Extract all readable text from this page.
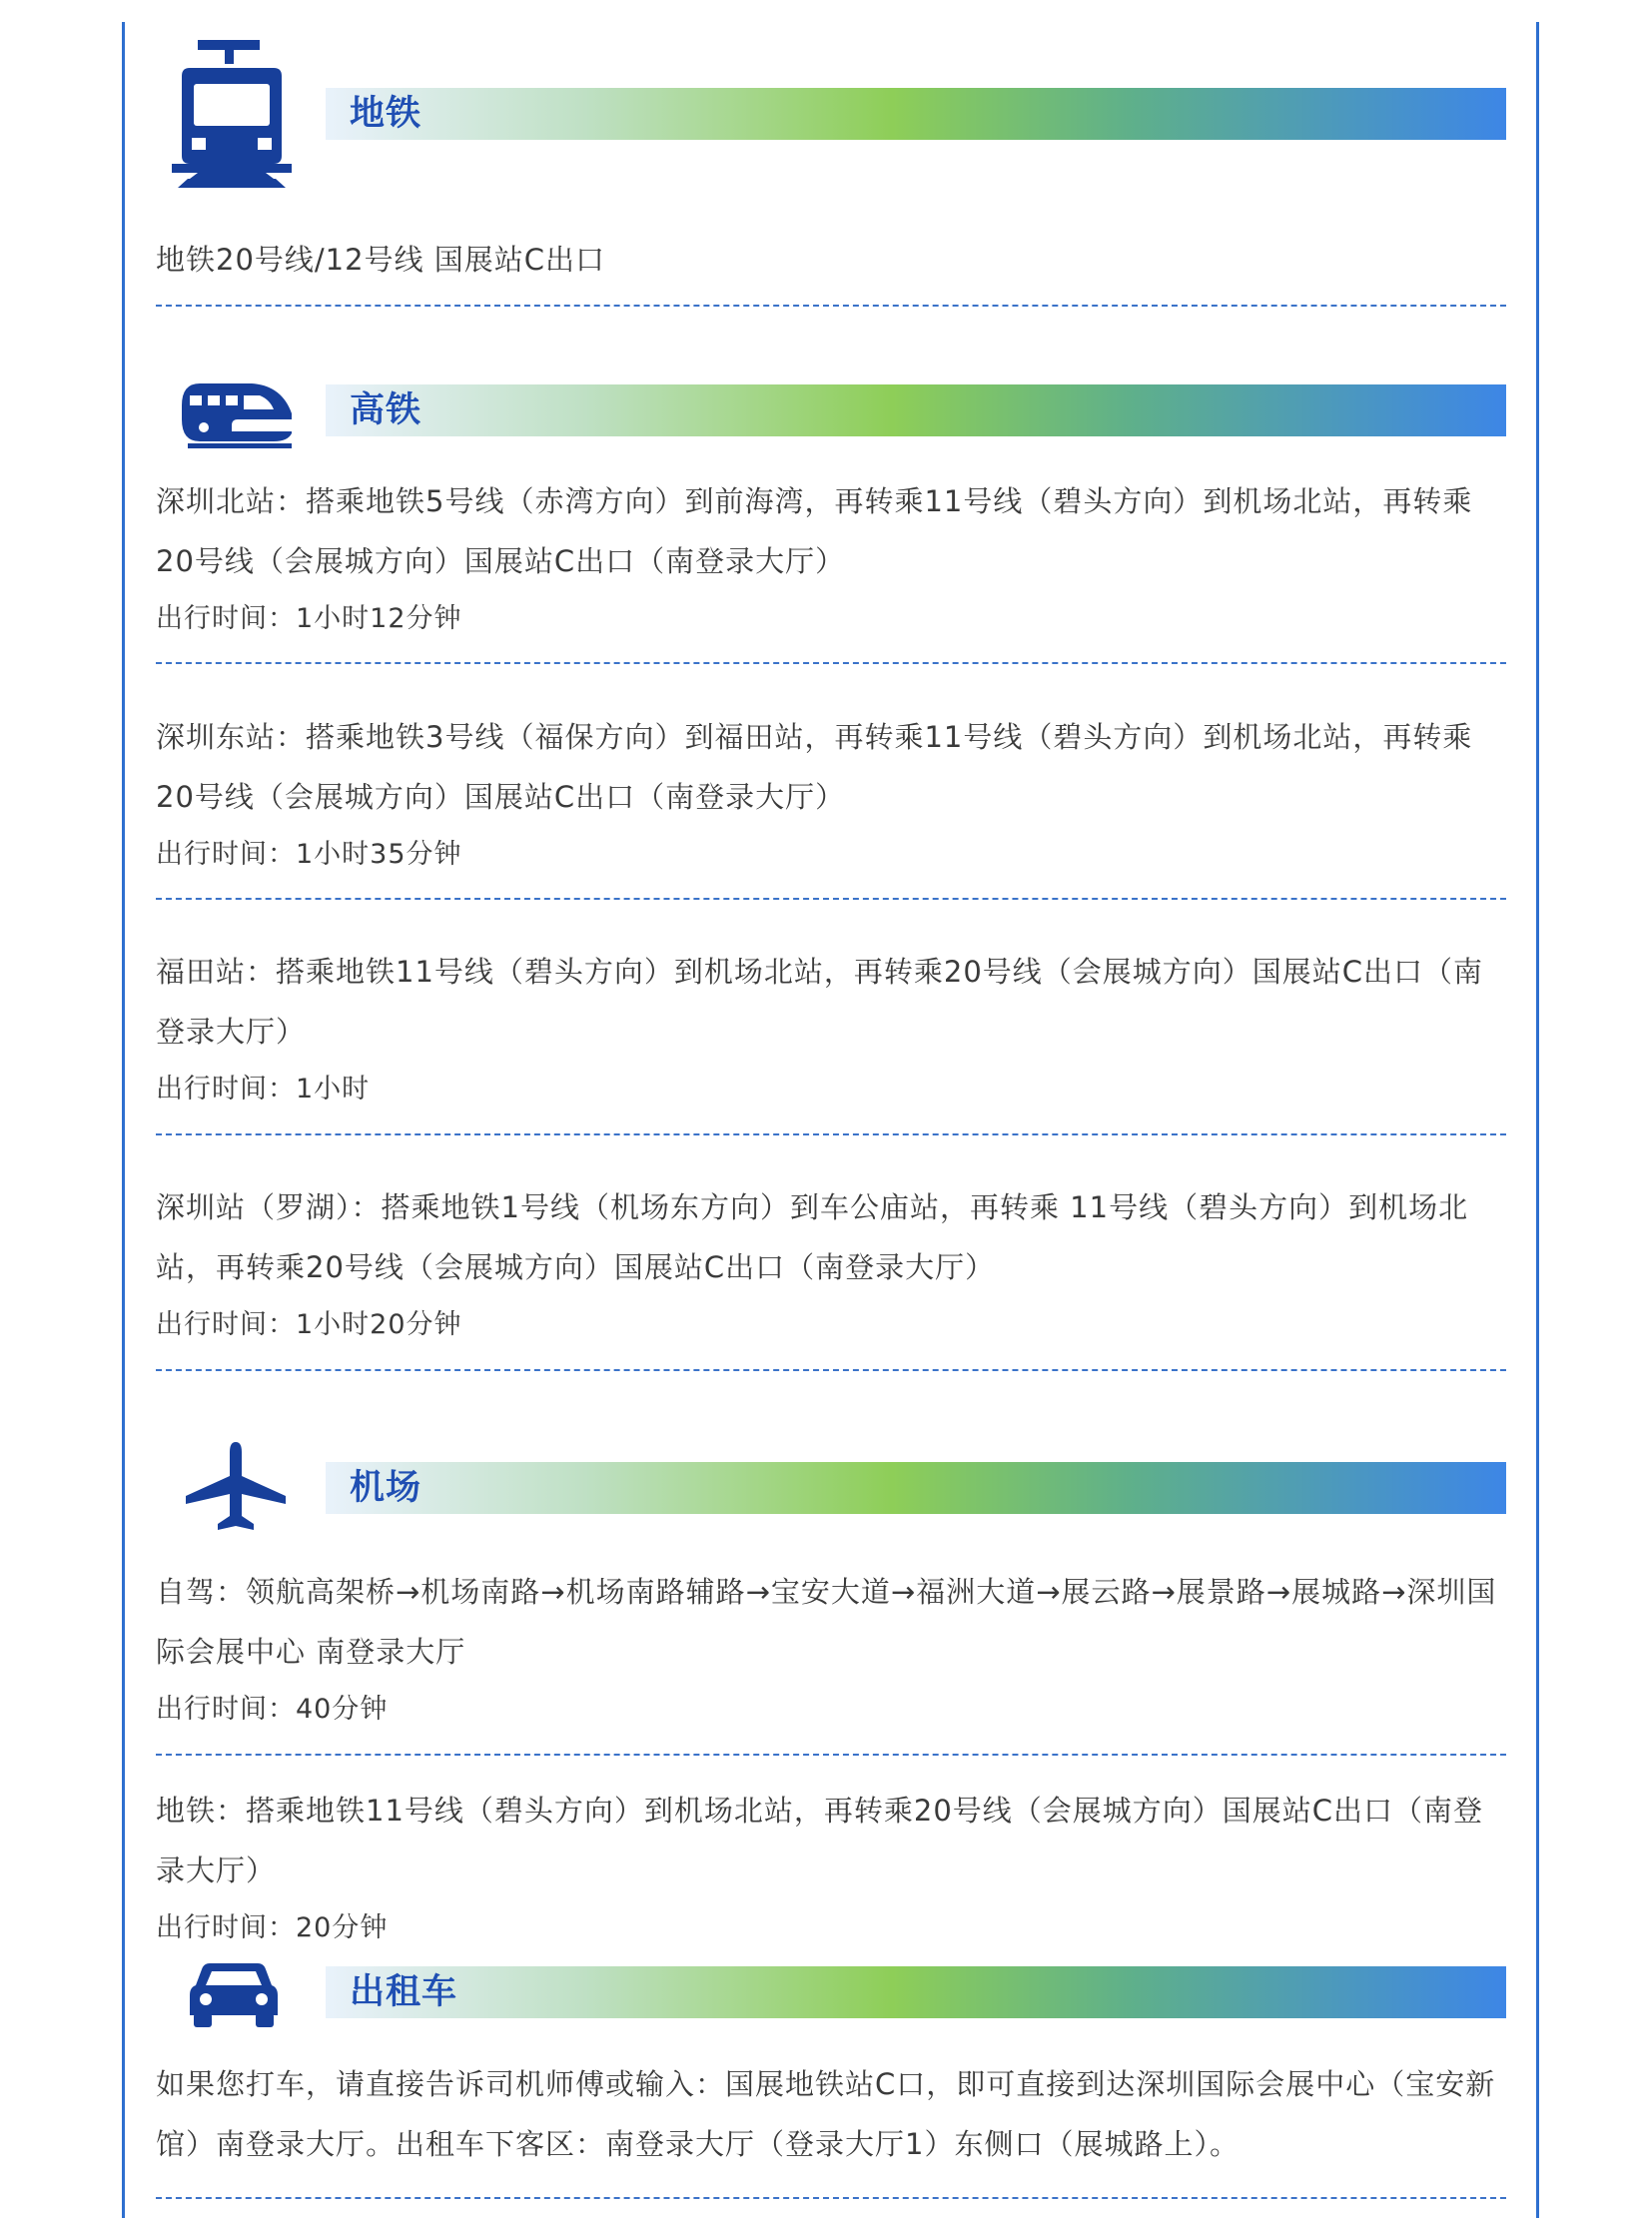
地铁

地铁20号线/12号线 国展站C出口

高铁

深圳北站：搭乘地铁5号线（赤湾方向）到前海湾，再转乘11号线（碧头方向）到机场北站，再转乘20号线（会展城方向）国展站C出口（南登录大厅）

出行时间：1小时12分钟

深圳东站：搭乘地铁3号线（福保方向）到福田站，再转乘11号线（碧头方向）到机场北站，再转乘20号线（会展城方向）国展站C出口（南登录大厅）

出行时间：1小时35分钟

福田站：搭乘地铁11号线（碧头方向）到机场北站，再转乘20号线（会展城方向）国展站C出口（南登录大厅）

出行时间：1小时

深圳站（罗湖）：搭乘地铁1号线（机场东方向）到车公庙站，再转乘 11号线（碧头方向）到机场北站，再转乘20号线（会展城方向）国展站C出口（南登录大厅）

出行时间：1小时20分钟
机场

自驾：领航高架桥→机场南路→机场南路辅路→宝安大道→福洲大道→展云路→展景路→展城路→深圳国际会展中心 南登录大厅

出行时间：40分钟

地铁：搭乘地铁11号线（碧头方向）到机场北站，再转乘20号线（会展城方向）国展站C出口（南登录大厅）

出行时间：20分钟
出租车

如果您打车，请直接告诉司机师傅或输入：国展地铁站C口，即可直接到达深圳国际会展中心（宝安新馆）南登录大厅。出租车下客区：南登录大厅（登录大厅1）东侧口（展城路上）。
